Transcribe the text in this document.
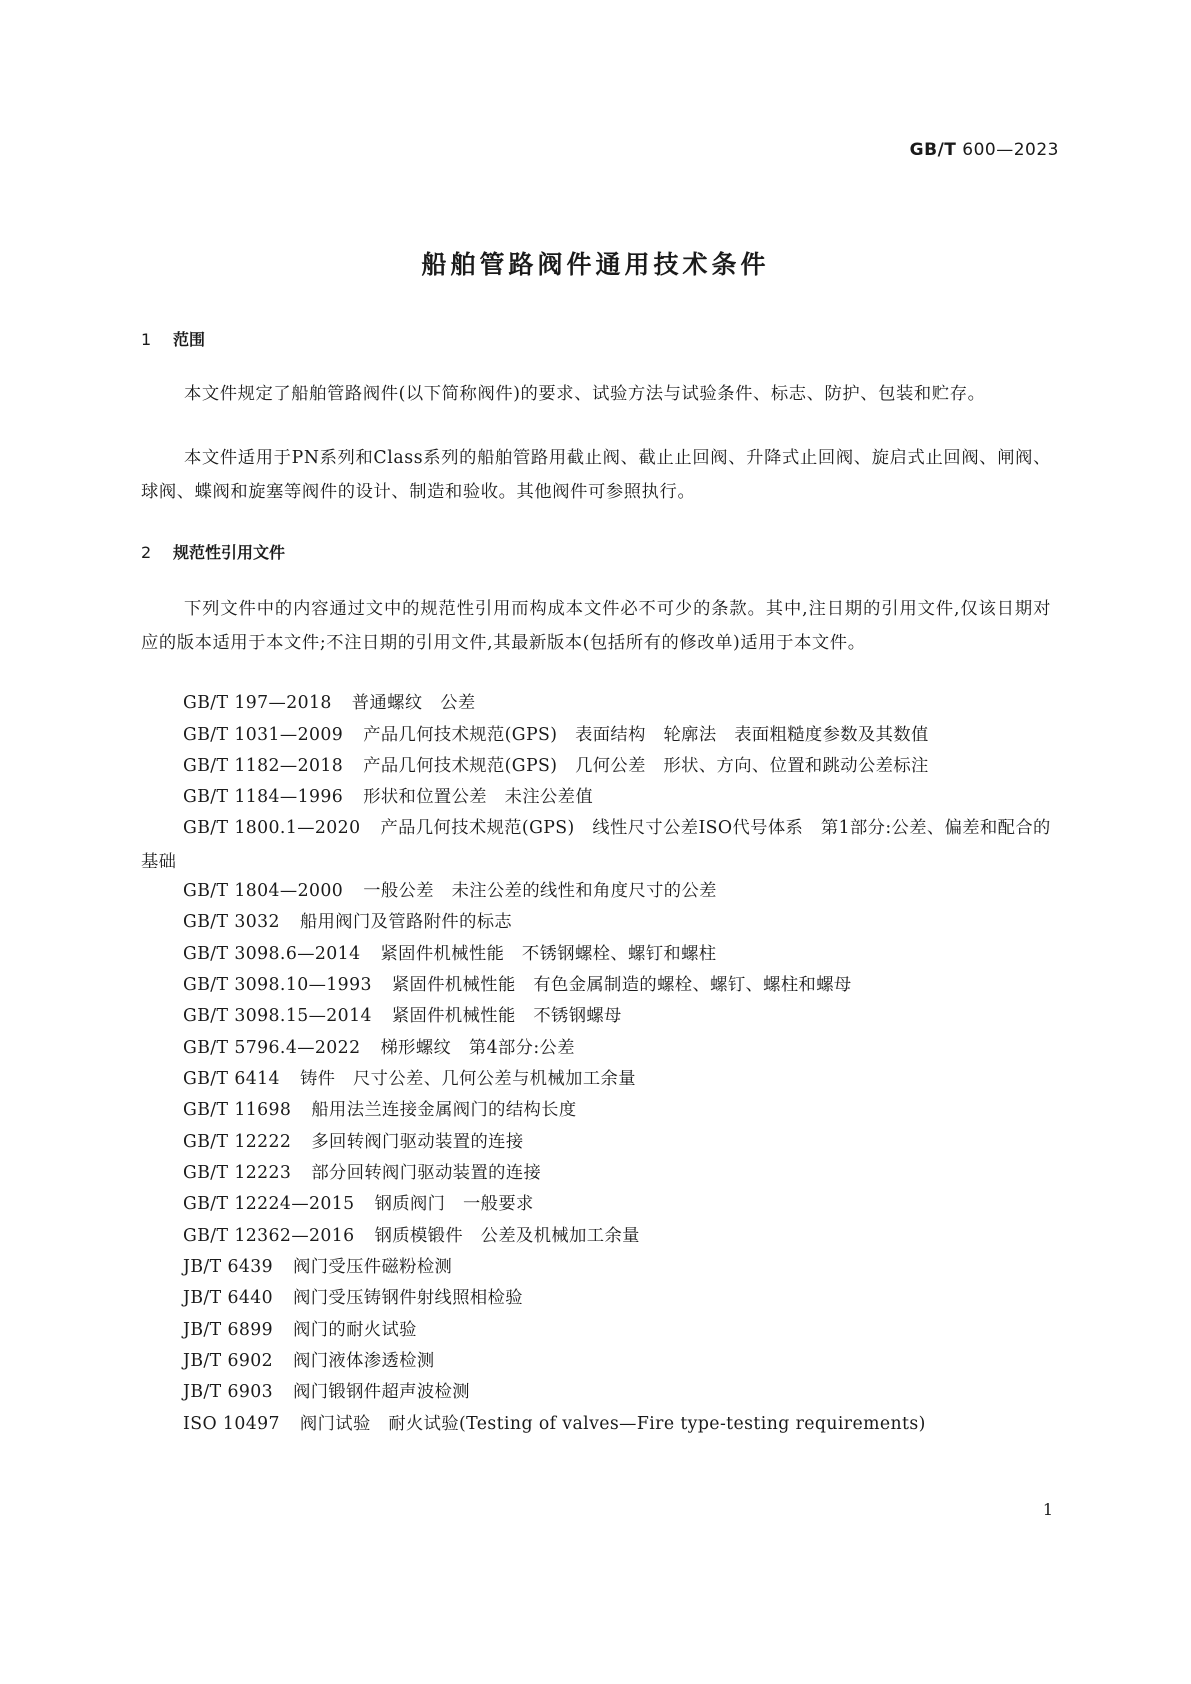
GB/T 600—2023
船舶管路阀件通用技术条件
1 范围

本文件规定了船舶管路阀件(以下简称阀件)的要求、试验方法与试验条件、标志、防护、包装和贮存。

本文件适用于PN系列和Class系列的船舶管路用截止阀、截止止回阀、升降式止回阀、旋启式止回阀、闸阀、球阀、蝶阀和旋塞等阀件的设计、制造和验收。其他阀件可参照执行。

2 规范性引用文件

下列文件中的内容通过文中的规范性引用而构成本文件必不可少的条款。其中,注日期的引用文件,仅该日期对应的版本适用于本文件;不注日期的引用文件,其最新版本(包括所有的修改单)适用于本文件。

GB/T 197—2018 普通螺纹　公差
GB/T 1031—2009 产品几何技术规范(GPS)　表面结构　轮廓法　表面粗糙度参数及其数值
GB/T 1182—2018 产品几何技术规范(GPS)　几何公差　形状、方向、位置和跳动公差标注
GB/T 1184—1996 形状和位置公差　未注公差值
GB/T 1800.1—2020 产品几何技术规范(GPS)　线性尺寸公差ISO代号体系　第1部分:公差、偏差和配合的基础
GB/T 1804—2000 一般公差　未注公差的线性和角度尺寸的公差
GB/T 3032 船用阀门及管路附件的标志
GB/T 3098.6—2014 紧固件机械性能　不锈钢螺栓、螺钉和螺柱
GB/T 3098.10—1993 紧固件机械性能　有色金属制造的螺栓、螺钉、螺柱和螺母
GB/T 3098.15—2014 紧固件机械性能　不锈钢螺母
GB/T 5796.4—2022 梯形螺纹　第4部分:公差
GB/T 6414 铸件　尺寸公差、几何公差与机械加工余量
GB/T 11698 船用法兰连接金属阀门的结构长度
GB/T 12222 多回转阀门驱动装置的连接
GB/T 12223 部分回转阀门驱动装置的连接
GB/T 12224—2015 钢质阀门　一般要求
GB/T 12362—2016 钢质模锻件　公差及机械加工余量
JB/T 6439 阀门受压件磁粉检测
JB/T 6440 阀门受压铸钢件射线照相检验
JB/T 6899 阀门的耐火试验
JB/T 6902 阀门液体渗透检测
JB/T 6903 阀门锻钢件超声波检测
ISO 10497 阀门试验　耐火试验(Testing of valves—Fire type-testing requirements)
1
